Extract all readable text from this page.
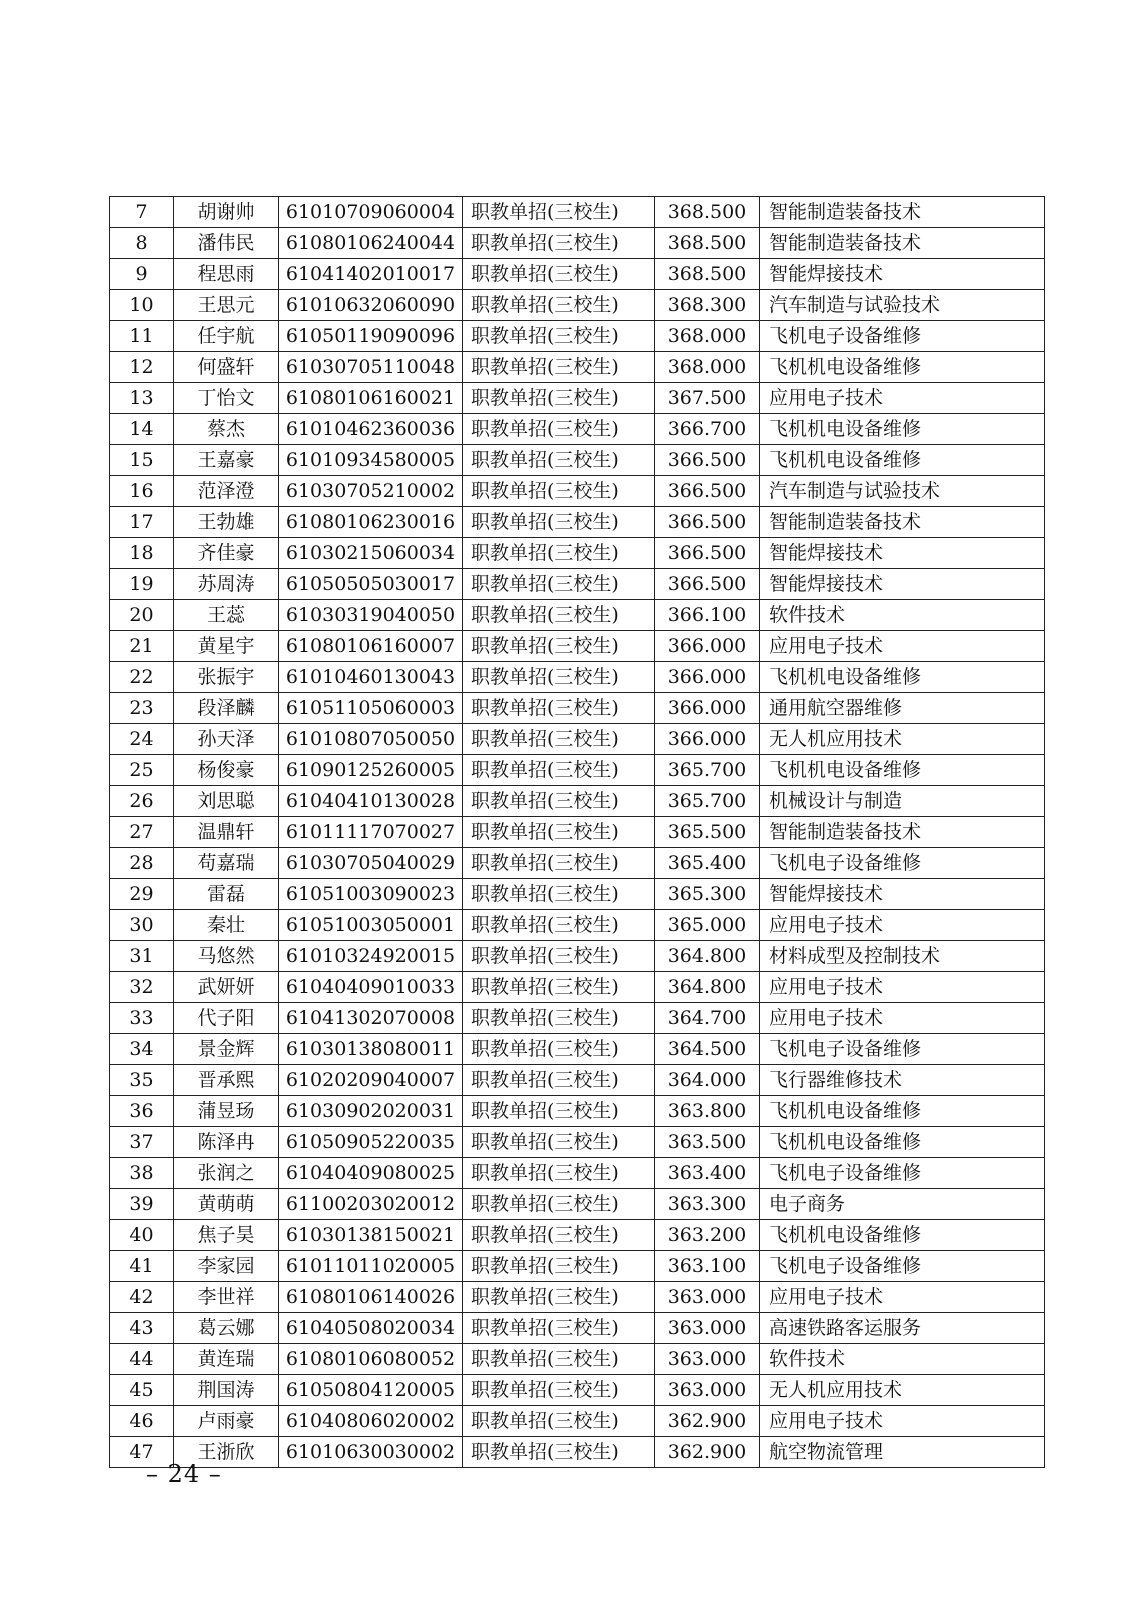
7	胡谢帅	61010709060004	职教单招(三校生)	368.500	智能制造装备技术
8	潘伟民	61080106240044	职教单招(三校生)	368.500	智能制造装备技术
9	程思雨	61041402010017	职教单招(三校生)	368.500	智能焊接技术
10	王思元	61010632060090	职教单招(三校生)	368.300	汽车制造与试验技术
11	任宇航	61050119090096	职教单招(三校生)	368.000	飞机电子设备维修
12	何盛轩	61030705110048	职教单招(三校生)	368.000	飞机机电设备维修
13	丁怡文	61080106160021	职教单招(三校生)	367.500	应用电子技术
14	蔡杰	61010462360036	职教单招(三校生)	366.700	飞机机电设备维修
15	王嘉豪	61010934580005	职教单招(三校生)	366.500	飞机机电设备维修
16	范泽澄	61030705210002	职教单招(三校生)	366.500	汽车制造与试验技术
17	王勃雄	61080106230016	职教单招(三校生)	366.500	智能制造装备技术
18	齐佳豪	61030215060034	职教单招(三校生)	366.500	智能焊接技术
19	苏周涛	61050505030017	职教单招(三校生)	366.500	智能焊接技术
20	王蕊	61030319040050	职教单招(三校生)	366.100	软件技术
21	黄星宇	61080106160007	职教单招(三校生)	366.000	应用电子技术
22	张振宇	61010460130043	职教单招(三校生)	366.000	飞机机电设备维修
23	段泽麟	61051105060003	职教单招(三校生)	366.000	通用航空器维修
24	孙天泽	61010807050050	职教单招(三校生)	366.000	无人机应用技术
25	杨俊豪	61090125260005	职教单招(三校生)	365.700	飞机机电设备维修
26	刘思聪	61040410130028	职教单招(三校生)	365.700	机械设计与制造
27	温鼎轩	61011117070027	职教单招(三校生)	365.500	智能制造装备技术
28	苟嘉瑞	61030705040029	职教单招(三校生)	365.400	飞机电子设备维修
29	雷磊	61051003090023	职教单招(三校生)	365.300	智能焊接技术
30	秦壮	61051003050001	职教单招(三校生)	365.000	应用电子技术
31	马悠然	61010324920015	职教单招(三校生)	364.800	材料成型及控制技术
32	武妍妍	61040409010033	职教单招(三校生)	364.800	应用电子技术
33	代子阳	61041302070008	职教单招(三校生)	364.700	应用电子技术
34	景金辉	61030138080011	职教单招(三校生)	364.500	飞机电子设备维修
35	晋承熙	61020209040007	职教单招(三校生)	364.000	飞行器维修技术
36	蒲昱玚	61030902020031	职教单招(三校生)	363.800	飞机机电设备维修
37	陈泽冉	61050905220035	职教单招(三校生)	363.500	飞机机电设备维修
38	张润之	61040409080025	职教单招(三校生)	363.400	飞机电子设备维修
39	黄萌萌	61100203020012	职教单招(三校生)	363.300	电子商务
40	焦子昊	61030138150021	职教单招(三校生)	363.200	飞机机电设备维修
41	李家园	61011011020005	职教单招(三校生)	363.100	飞机电子设备维修
42	李世祥	61080106140026	职教单招(三校生)	363.000	应用电子技术
43	葛云娜	61040508020034	职教单招(三校生)	363.000	高速铁路客运服务
44	黄连瑞	61080106080052	职教单招(三校生)	363.000	软件技术
45	荆国涛	61050804120005	职教单招(三校生)	363.000	无人机应用技术
46	卢雨豪	61040806020002	职教单招(三校生)	362.900	应用电子技术
47	王浙欣	61010630030002	职教单招(三校生)	362.900	航空物流管理
– 24 –
